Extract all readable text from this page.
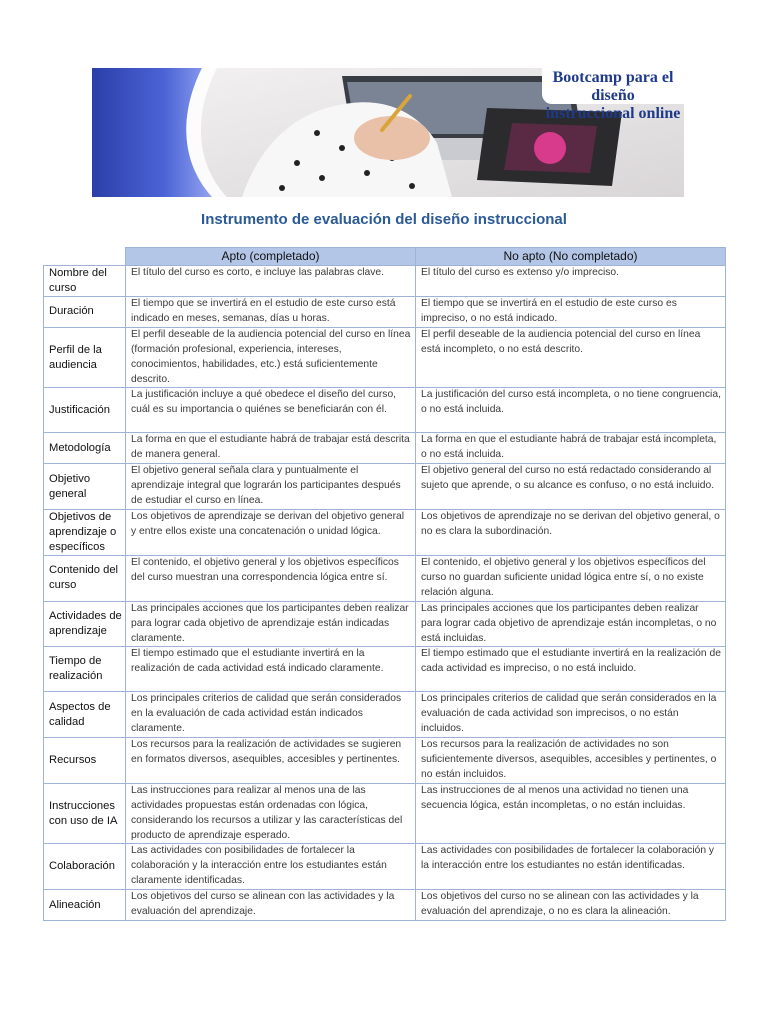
Bootcamp para el diseño
instruccional online
Instrumento de evaluación del diseño instruccional
	Apto (completado)	No apto (No completado)
Nombre del curso	El título del curso es corto, e incluye las palabras clave.	El título del curso es extenso y/o impreciso.
Duración	El tiempo que se invertirá en el estudio de este curso está indicado en meses, semanas, días u horas.	El tiempo que se invertirá en el estudio de este curso es impreciso, o no está indicado.
Perfil de la audiencia	El perfil deseable de la audiencia potencial del curso en línea (formación profesional, experiencia, intereses, conocimientos, habilidades, etc.) está suficientemente descrito.	El perfil deseable de la audiencia potencial del curso en línea está incompleto, o no está descrito.
Justificación	La justificación incluye a qué obedece el diseño del curso, cuál es su importancia o quiénes se beneficiarán con él.	La justificación del curso está incompleta, o no tiene congruencia, o no está incluida.
Metodología	La forma en que el estudiante habrá de trabajar está descrita de manera general.	La forma en que el estudiante habrá de trabajar está incompleta, o no está incluida.
Objetivo general	El objetivo general señala clara y puntualmente el aprendizaje integral que lograrán los participantes después de estudiar el curso en línea.	El objetivo general del curso no está redactado considerando al sujeto que aprende, o su alcance es confuso, o no está incluido.
Objetivos de aprendizaje o específicos	Los objetivos de aprendizaje se derivan del objetivo general y entre ellos existe una concatenación o unidad lógica.	Los objetivos de aprendizaje no se derivan del objetivo general, o no es clara la subordinación.
Contenido del curso	El contenido, el objetivo general y los objetivos específicos del curso muestran una correspondencia lógica entre sí.	El contenido, el objetivo general y los objetivos específicos del curso no guardan suficiente unidad lógica entre sí, o no existe relación alguna.
Actividades de aprendizaje	Las principales acciones que los participantes deben realizar para lograr cada objetivo de aprendizaje están indicadas claramente.	Las principales acciones que los participantes deben realizar para lograr cada objetivo de aprendizaje están incompletas, o no está incluidas.
Tiempo de realización	El tiempo estimado que el estudiante invertirá en la realización de cada actividad está indicado claramente.	El tiempo estimado que el estudiante invertirá en la realización de cada actividad es impreciso, o no está incluido.
Aspectos de calidad	Los principales criterios de calidad que serán considerados en la evaluación de cada actividad están indicados claramente.	Los principales criterios de calidad que serán considerados en la evaluación de cada actividad son imprecisos, o no están incluidos.
Recursos	Los recursos para la realización de actividades se sugieren en formatos diversos, asequibles, accesibles y pertinentes.	Los recursos para la realización de actividades no son suficientemente diversos, asequibles, accesibles y pertinentes, o no están incluidos.
Instrucciones con uso de IA	Las instrucciones para realizar al menos una de las actividades propuestas están ordenadas con lógica, considerando los recursos a utilizar y las características del producto de aprendizaje esperado.	Las instrucciones de al menos una actividad no tienen una secuencia lógica, están incompletas, o no están incluidas.
Colaboración	Las actividades con posibilidades de fortalecer la colaboración y la interacción entre los estudiantes están claramente identificadas.	Las actividades con posibilidades de fortalecer la colaboración y la interacción entre los estudiantes no están identificadas.
Alineación	Los objetivos del curso se alinean con las actividades y la evaluación del aprendizaje.	Los objetivos del curso no se alinean con las actividades y la evaluación del aprendizaje, o no es clara la alineación.
